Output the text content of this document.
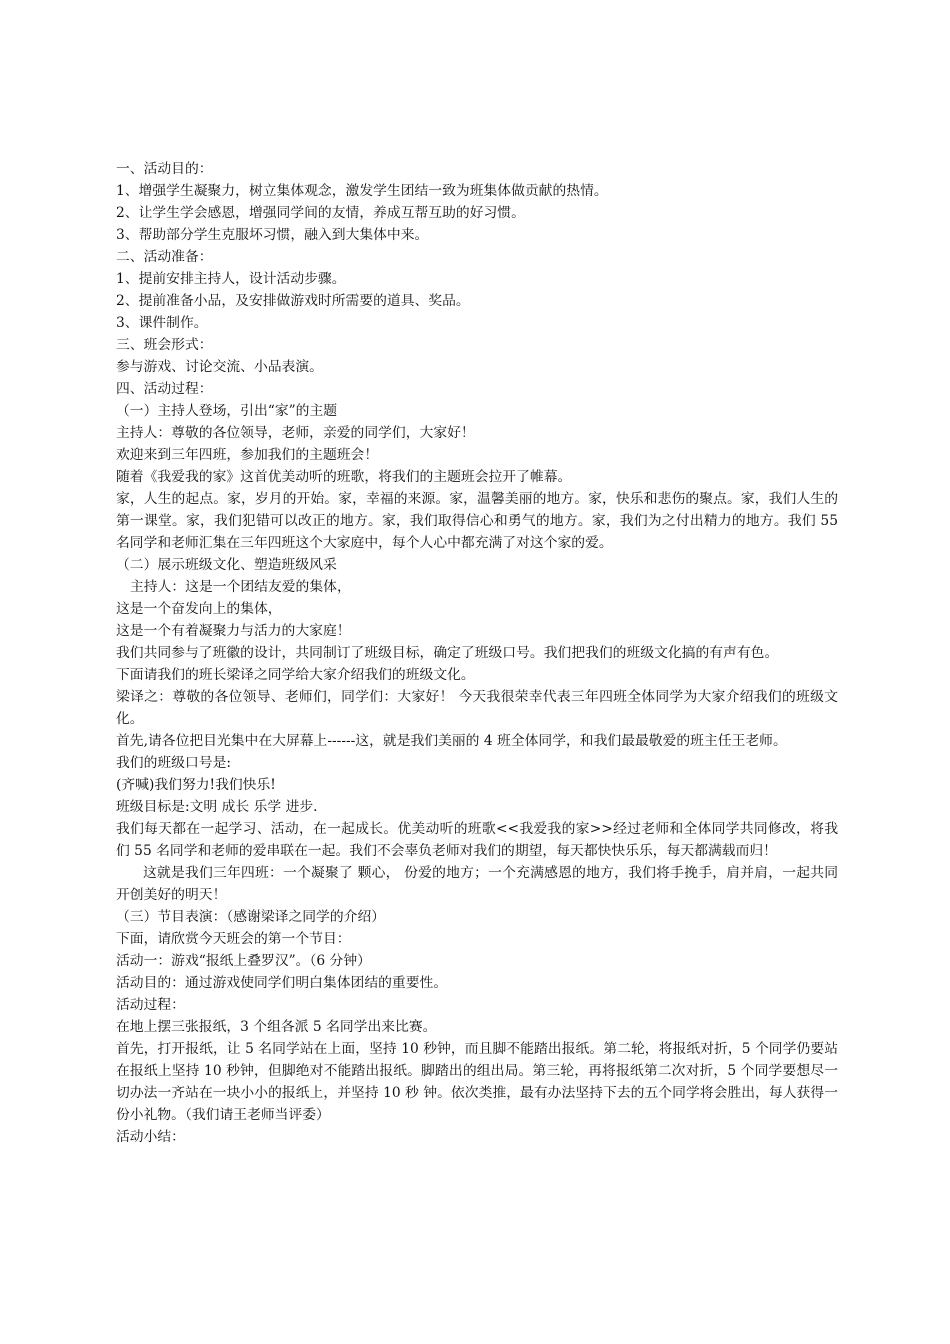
一、活动目的：
1、增强学生凝聚力，树立集体观念，激发学生团结一致为班集体做贡献的热情。
2、让学生学会感恩，增强同学间的友情，养成互帮互助的好习惯。
3、帮助部分学生克服坏习惯，融入到大集体中来。
二、活动准备：
1、提前安排主持人，设计活动步骤。
2、提前准备小品，及安排做游戏时所需要的道具、奖品。
3、课件制作。
三、班会形式：
参与游戏、讨论交流、小品表演。
四、活动过程：
（一）主持人登场，引出“家”的主题
主持人：尊敬的各位领导，老师，亲爱的同学们，大家好！
欢迎来到三年四班，参加我们的主题班会！
随着《我爱我的家》这首优美动听的班歌，将我们的主题班会拉开了帷幕。
家，人生的起点。家，岁月的开始。家，幸福的来源。家，温馨美丽的地方。家，快乐和悲伤的聚点。家，我们人生的第一课堂。家，我们犯错可以改正的地方。家，我们取得信心和勇气的地方。家，我们为之付出精力的地方。我们 55 名同学和老师汇集在三年四班这个大家庭中，每个人心中都充满了对这个家的爱。
（二）展示班级文化、塑造班级风采
主持人：这是一个团结友爱的集体，
这是一个奋发向上的集体，
这是一个有着凝聚力与活力的大家庭！
我们共同参与了班徽的设计，共同制订了班级目标，确定了班级口号。我们把我们的班级文化搞的有声有色。
下面请我们的班长梁译之同学给大家介绍我们的班级文化。
梁译之：尊敬的各位领导、老师们，同学们：大家好！ 今天我很荣幸代表三年四班全体同学为大家介绍我们的班级文化。
首先,请各位把目光集中在大屏幕上------这，就是我们美丽的 4 班全体同学，和我们最最敬爱的班主任王老师。
我们的班级口号是:
(齐喊)我们努力!我们快乐!
班级目标是:文明 成长 乐学 进步.
我们每天都在一起学习、活动，在一起成长。优美动听的班歌<<我爱我的家>>经过老师和全体同学共同修改，将我们 55 名同学和老师的爱串联在一起。我们不会辜负老师对我们的期望，每天都快快乐乐，每天都满载而归！
这就是我们三年四班：一个凝聚了 颗心， 份爱的地方；一个充满感恩的地方，我们将手挽手，肩并肩，一起共同开创美好的明天！
（三）节目表演：（感谢梁译之同学的介绍）
下面，请欣赏今天班会的第一个节目：
活动一：游戏“报纸上叠罗汉”。（6 分钟）
活动目的：通过游戏使同学们明白集体团结的重要性。
活动过程：
在地上摆三张报纸，3 个组各派 5 名同学出来比赛。
首先，打开报纸，让 5 名同学站在上面，坚持 10 秒钟，而且脚不能踏出报纸。第二轮，将报纸对折，5 个同学仍要站在报纸上坚持 10 秒钟，但脚绝对不能踏出报纸。脚踏出的组出局。第三轮，再将报纸第二次对折，5 个同学要想尽一切办法一齐站在一块小小的报纸上，并坚持 10 秒 钟。依次类推，最有办法坚持下去的五个同学将会胜出，每人获得一份小礼物。（我们请王老师当评委）
活动小结：
